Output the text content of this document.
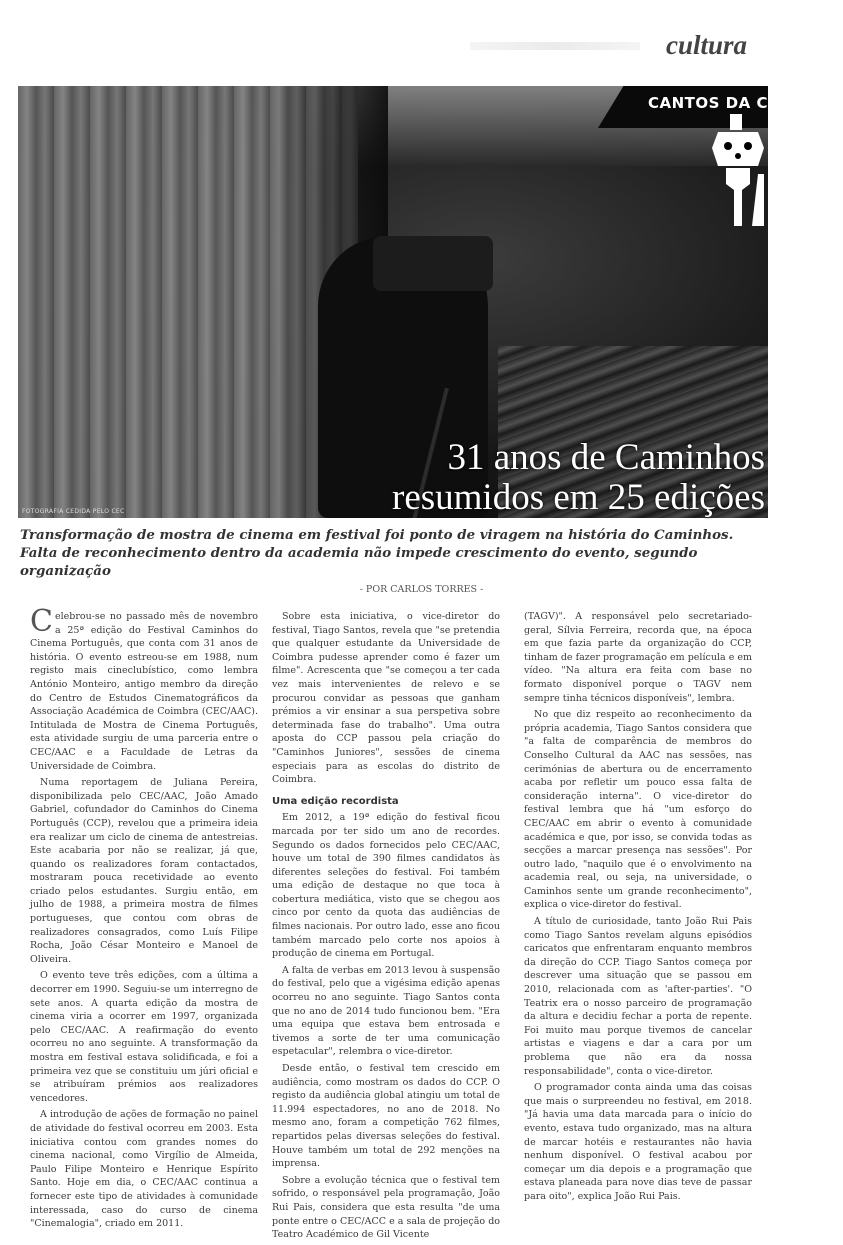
cultura
CANTOS DA CASA
31 anos de Caminhos
resumidos em 25 edições
FOTOGRAFIA CEDIDA PELO CEC
Transformação de mostra de cinema em festival foi ponto de viragem na história do Caminhos. Falta de reconhecimento dentro da academia não impede crescimento do evento, segundo organização
- POR CARLOS TORRES -

Celebrou-se no passado mês de novembro a 25ª edição do Festival Caminhos do Cinema Português, que conta com 31 anos de história. O evento estreou-se em 1988, num registo mais cineclubístico, como lembra António Monteiro, antigo membro da direção do Centro de Estudos Cinematográficos da Associação Académica de Coimbra (CEC/AAC). Intitulada de Mostra de Cinema Português, esta atividade surgiu de uma parceria entre o CEC/AAC e a Faculdade de Letras da Universidade de Coimbra.

Numa reportagem de Juliana Pereira, disponibilizada pelo CEC/AAC, João Amado Gabriel, cofundador do Caminhos do Cinema Português (CCP), revelou que a primeira ideia era realizar um ciclo de cinema de antestreias. Este acabaria por não se realizar, já que, quando os realizadores foram contactados, mostraram pouca recetividade ao evento criado pelos estudantes. Surgiu então, em julho de 1988, a primeira mostra de filmes portugueses, que contou com obras de realizadores consagrados, como Luís Filipe Rocha, João César Monteiro e Manoel de Oliveira.

O evento teve três edições, com a última a decorrer em 1990. Seguiu-se um interregno de sete anos. A quarta edição da mostra de cinema viria a ocorrer em 1997, organizada pelo CEC/AAC. A reafirmação do evento ocorreu no ano seguinte. A transformação da mostra em festival estava solidificada, e foi a primeira vez que se constituiu um júri oficial e se atribuíram prémios aos realizadores vencedores.

A introdução de ações de formação no painel de atividade do festival ocorreu em 2003. Esta iniciativa contou com grandes nomes do cinema nacional, como Virgílio de Almeida, Paulo Filipe Monteiro e Henrique Espírito Santo. Hoje em dia, o CEC/AAC continua a fornecer este tipo de atividades à comunidade interessada, caso do curso de cinema "Cinemalogia", criado em 2011.

Sobre esta iniciativa, o vice-diretor do festival, Tiago Santos, revela que "se pretendia que qualquer estudante da Universidade de Coimbra pudesse aprender como é fazer um filme". Acrescenta que "se começou a ter cada vez mais intervenientes de relevo e se procurou convidar as pessoas que ganham prémios a vir ensinar a sua perspetiva sobre determinada fase do trabalho". Uma outra aposta do CCP passou pela criação do "Caminhos Juniores", sessões de cinema especiais para as escolas do distrito de Coimbra.

Uma edição recordista

Em 2012, a 19ª edição do festival ficou marcada por ter sido um ano de recordes. Segundo os dados fornecidos pelo CEC/AAC, houve um total de 390 filmes candidatos às diferentes seleções do festival. Foi também uma edição de destaque no que toca à cobertura mediática, visto que se chegou aos cinco por cento da quota das audiências de filmes nacionais. Por outro lado, esse ano ficou também marcado pelo corte nos apoios à produção de cinema em Portugal.

A falta de verbas em 2013 levou à suspensão do festival, pelo que a vigésima edição apenas ocorreu no ano seguinte. Tiago Santos conta que no ano de 2014 tudo funcionou bem. "Era uma equipa que estava bem entrosada e tivemos a sorte de ter uma comunicação espetacular", relembra o vice-diretor.

Desde então, o festival tem crescido em audiência, como mostram os dados do CCP. O registo da audiência global atingiu um total de 11.994 espectadores, no ano de 2018. No mesmo ano, foram a competição 762 filmes, repartidos pelas diversas seleções do festival. Houve também um total de 292 menções na imprensa.

Sobre a evolução técnica que o festival tem sofrido, o responsável pela programação, João Rui Pais, considera que esta resulta "de uma ponte entre o CEC/ACC e a sala de projeção do Teatro Académico de Gil Vicente

(TAGV)". A responsável pelo secretariado-geral, Sílvia Ferreira, recorda que, na época em que fazia parte da organização do CCP, tinham de fazer programação em película e em vídeo. "Na altura era feita com base no formato disponível porque o TAGV nem sempre tinha técnicos disponíveis", lembra.

No que diz respeito ao reconhecimento da própria academia, Tiago Santos considera que "a falta de comparência de membros do Conselho Cultural da AAC nas sessões, nas cerimónias de abertura ou de encerramento acaba por refletir um pouco essa falta de consideração interna". O vice-diretor do festival lembra que há "um esforço do CEC/AAC em abrir o evento à comunidade académica e que, por isso, se convida todas as secções a marcar presença nas sessões". Por outro lado, "naquilo que é o envolvimento na academia real, ou seja, na universidade, o Caminhos sente um grande reconhecimento", explica o vice-diretor do festival.

A título de curiosidade, tanto João Rui Pais como Tiago Santos revelam alguns episódios caricatos que enfrentaram enquanto membros da direção do CCP. Tiago Santos começa por descrever uma situação que se passou em 2010, relacionada com as 'after-parties'. "O Teatrix era o nosso parceiro de programação da altura e decidiu fechar a porta de repente. Foi muito mau porque tivemos de cancelar artistas e viagens e dar a cara por um problema que não era da nossa responsabilidade", conta o vice-diretor.

O programador conta ainda uma das coisas que mais o surpreendeu no festival, em 2018. "Já havia uma data marcada para o início do evento, estava tudo organizado, mas na altura de marcar hotéis e restaurantes não havia nenhum disponível. O festival acabou por começar um dia depois e a programação que estava planeada para nove dias teve de passar para oito", explica João Rui Pais.
